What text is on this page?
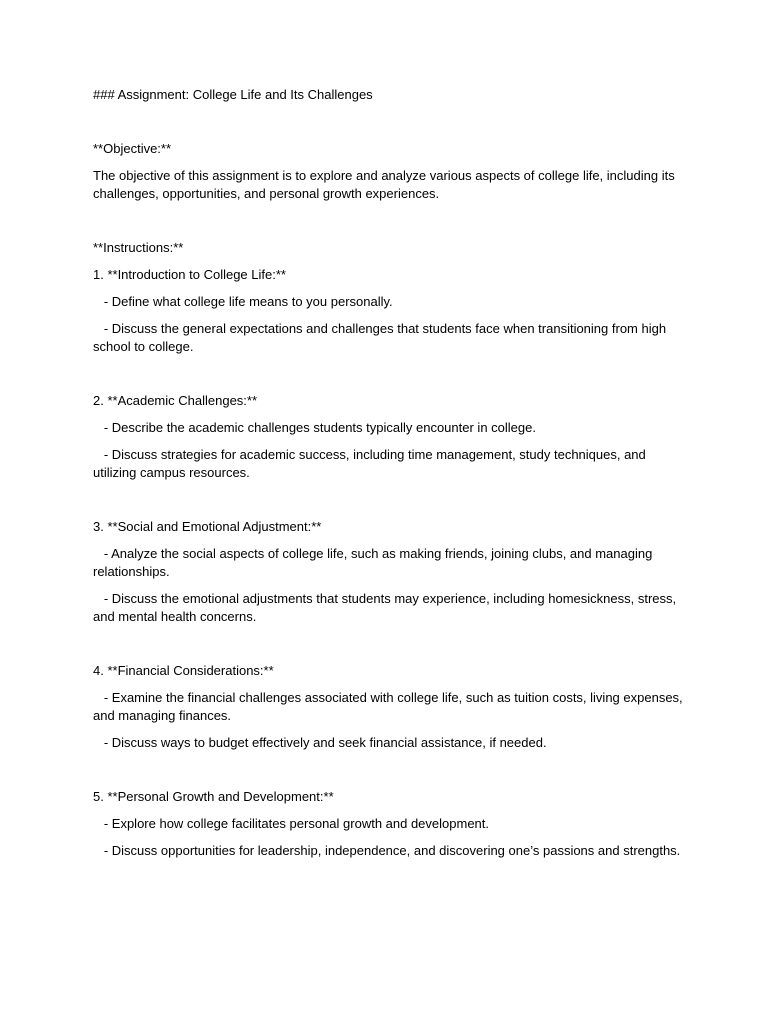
### Assignment: College Life and Its Challenges

**Objective:**

The objective of this assignment is to explore and analyze various aspects of college life, including its challenges, opportunities, and personal growth experiences.

**Instructions:**

1. **Introduction to College Life:**

- Define what college life means to you personally.

- Discuss the general expectations and challenges that students face when transitioning from high school to college.

2. **Academic Challenges:**

- Describe the academic challenges students typically encounter in college.

- Discuss strategies for academic success, including time management, study techniques, and utilizing campus resources.

3. **Social and Emotional Adjustment:**

- Analyze the social aspects of college life, such as making friends, joining clubs, and managing relationships.

- Discuss the emotional adjustments that students may experience, including homesickness, stress, and mental health concerns.

4. **Financial Considerations:**

- Examine the financial challenges associated with college life, such as tuition costs, living expenses, and managing finances.

- Discuss ways to budget effectively and seek financial assistance, if needed.

5. **Personal Growth and Development:**

- Explore how college facilitates personal growth and development.

- Discuss opportunities for leadership, independence, and discovering one’s passions and strengths.
